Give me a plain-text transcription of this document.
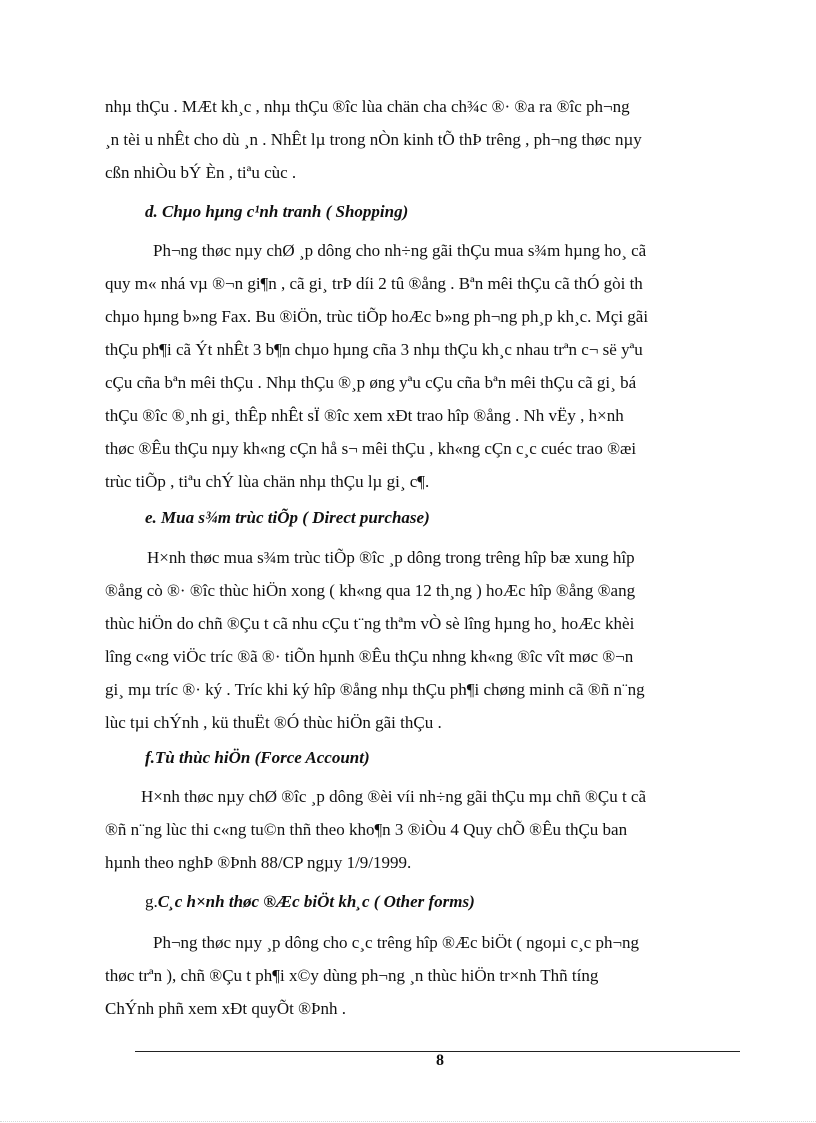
nhµ thÇu . MÆt kh¸c , nhµ thÇu ®îc lùa chän cha ch¾c ®· ®a ra ®îc ph¬ng
¸n tèi u nhÊt cho dù ¸n . NhÊt lµ trong nÒn kinh tÕ thÞ trêng , ph¬ng thøc nµy
cßn nhiÒu bÝ Èn , tiªu cùc .
d. Chµo hµng c¹nh tranh ( Shopping)
Ph¬ng thøc nµy chØ ¸p dông cho nh÷ng gãi thÇu mua s¾m hµng ho¸ cã
quy m« nhá vµ ®¬n gi¶n , cã gi¸ trÞ díi 2 tû ®ång . Bªn mêi thÇu cã thÓ gòi th
chµo hµng b»ng Fax. Bu ®iÖn, trùc tiÕp hoÆc b»ng ph¬ng ph¸p kh¸c. Mçi gãi
thÇu ph¶i cã Ýt nhÊt 3 b¶n chµo hµng cña 3 nhµ thÇu kh¸c nhau trªn c¬ së yªu
cÇu cña bªn mêi thÇu . Nhµ thÇu ®¸p øng yªu cÇu cña bªn mêi thÇu cã gi¸ bá
thÇu ®îc ®¸nh gi¸ thÊp nhÊt sÏ ®îc xem xÐt trao hîp ®ång . Nh vËy , h×nh
thøc ®Êu thÇu nµy kh«ng cÇn hå s¬ mêi thÇu , kh«ng cÇn c¸c cuéc trao ®æi
trùc tiÕp , tiªu chÝ lùa chän nhµ thÇu lµ gi¸ c¶.
e. Mua s¾m trùc tiÕp ( Direct purchase)
H×nh thøc mua s¾m trùc tiÕp ®îc ¸p dông trong trêng hîp bæ xung hîp
®ång cò ®· ®îc thùc hiÖn xong ( kh«ng qua 12 th¸ng ) hoÆc hîp ®ång ®ang
thùc hiÖn do chñ ®Çu t cã nhu cÇu t¨ng thªm vÒ sè lîng hµng ho¸ hoÆc khèi
lîng c«ng viÖc tríc ®ã ®· tiÕn hµnh ®Êu thÇu nhng kh«ng ®îc vît møc ®¬n
gi¸ mµ tríc ®· ký . Tríc khi ký hîp ®ång nhµ thÇu ph¶i chøng minh cã ®ñ n¨ng
lùc tµi chÝnh , kü thuËt ®Ó thùc hiÖn gãi thÇu .
f.Tù thùc hiÖn (Force Account)
H×nh thøc nµy chØ ®îc ¸p dông ®èi víi nh÷ng gãi thÇu mµ chñ ®Çu t cã
®ñ n¨ng lùc thi c«ng tu©n thñ theo kho¶n 3 ®iÒu 4 Quy chÕ ®Êu thÇu ban
hµnh theo nghÞ ®Þnh 88/CP ngµy 1/9/1999.
g.C¸c h×nh thøc ®Æc biÖt kh¸c ( Other forms)
Ph¬ng thøc nµy ¸p dông cho c¸c trêng hîp ®Æc biÖt ( ngoµi c¸c ph¬ng
thøc trªn ), chñ ®Çu t ph¶i x©y dùng ph¬ng ¸n thùc hiÖn tr×nh Thñ tíng
ChÝnh phñ xem xÐt quyÕt ®Þnh .
8
